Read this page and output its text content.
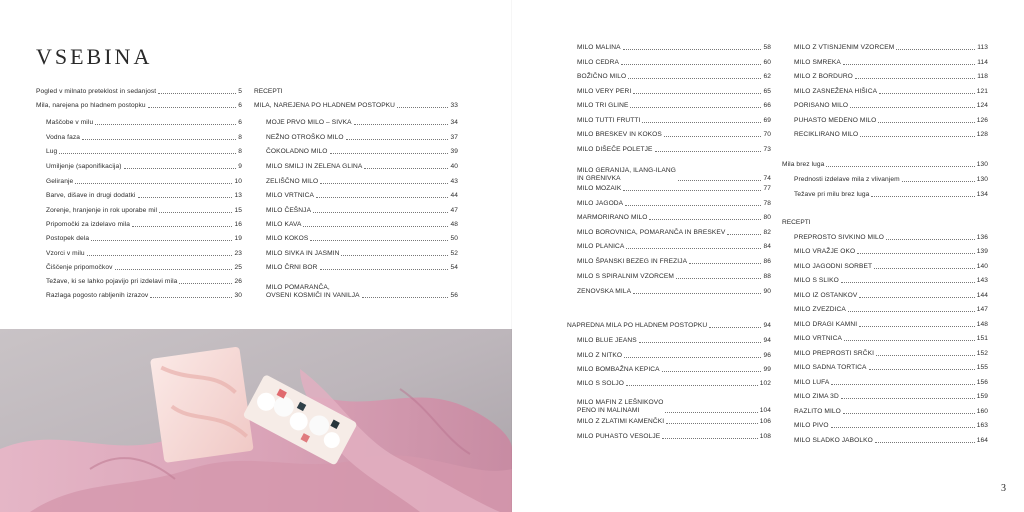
VSEBINA
Pogled v milnato preteklost in sedanjost	5
Mila, narejena po hladnem postopku	6
Maščobe v milu	6
Vodna faza	8
Lug	8
Umiljenje (saponifikacija)	9
Geliranje	10
Barve, dišave in drugi dodatki	13
Zorenje, hranjenje in rok uporabe mil	15
Pripomočki za izdelavo mila	16
Postopek dela	19
Vzorci v milu	23
Čiščenje pripomočkov	25
Težave, ki se lahko pojavijo pri izdelavi mila	26
Razlaga pogosto rabljenih izrazov	30
RECEPTI
MILA, NAREJENA PO HLADNEM POSTOPKU	33
MOJE PRVO MILO – SIVKA	34
NEŽNO OTROŠKO MILO	37
ČOKOLADNO MILO	39
MILO SMILJ IN ZELENA GLINA	40
ZELIŠČNO MILO	43
MILO VRTNICA	44
MILO ČEŠNJA	47
MILO KAVA	48
MILO KOKOS	50
MILO SIVKA IN JASMIN	52
MILO ČRNI BOR	54
MILO POMARANČA,
OVSENI KOSMIČI IN VANILJA	56
MILO MALINA	58
MILO CEDRA	60
BOŽIČNO MILO	62
MILO VERY PERI	65
MILO TRI GLINE	66
MILO TUTTI FRUTTI	69
MILO BRESKEV IN KOKOS	70
MILO DIŠEČE POLETJE	73
MILO GERANIJA, ILANG-ILANG
IN GRENIVKA	74
MILO MOZAIK	77
MILO JAGODA	78
MARMORIRANO MILO	80
MILO BOROVNICA, POMARANČA IN BRESKEV	82
MILO PLANICA	84
MILO ŠPANSKI BEZEG IN FREZIJA	86
MILO S SPIRALNIM VZORCEM	88
ZENOVSKA MILA	90
NAPREDNA MILA PO HLADNEM POSTOPKU	94
MILO BLUE JEANS	94
MILO Z NITKO	96
MILO BOMBAŽNA KEPICA	99
MILO S SOLJO	102
MILO MAFIN Z LEŠNIKOVO
PENO IN MALINAMI	104
MILO Z ZLATIMI KAMENČKI	106
MILO PUHASTO VESOLJE	108
MILO Z VTISNJENIM VZORCEM	113
MILO SMREKA	114
MILO Z BORDURO	118
MILO ZASNEŽENA HIŠICA	121
PORISANO MILO	124
PUHASTO MEDENO MILO	126
RECIKLIRANO MILO	128
Mila brez luga	130
Prednosti izdelave mila z vlivanjem	130
Težave pri milu brez luga	134
RECEPTI
PREPROSTO SIVKINO MILO	136
MILO VRAŽJE OKO	139
MILO JAGODNI SORBET	140
MILO S SLIKO	143
MILO IZ OSTANKOV	144
MILO ZVEZDICA	147
MILO DRAGI KAMNI	148
MILO VRTNICA	151
MILO PREPROSTI SRČKI	152
MILO SADNA TORTICA	155
MILO LUFA	156
MILO ZIMA 3D	159
RAZLITO MILO	160
MILO PIVO	163
MILO SLADKO JABOLKO	164
3
